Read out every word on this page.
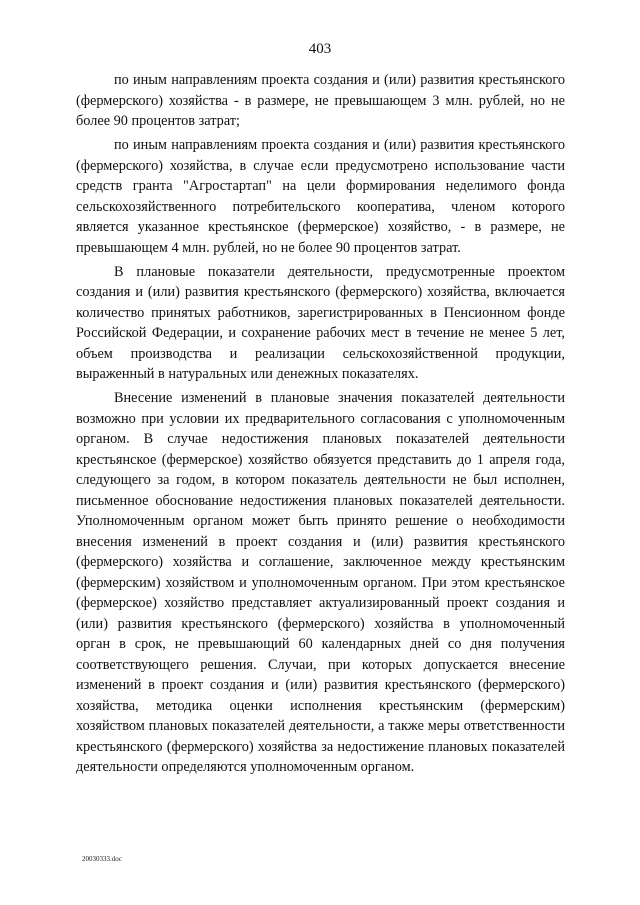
403

по иным направлениям проекта создания и (или) развития крестьянского (фермерского) хозяйства - в размере, не превышающем 3 млн. рублей, но не более 90 процентов затрат;

по иным направлениям проекта создания и (или) развития крестьянского (фермерского) хозяйства, в случае если предусмотрено использование части средств гранта "Агростартап" на цели формирования неделимого фонда сельскохозяйственного потребительского кооператива, членом которого является указанное крестьянское (фермерское) хозяйство, - в размере, не превышающем 4 млн. рублей, но не более 90 процентов затрат.

В плановые показатели деятельности, предусмотренные проектом создания и (или) развития крестьянского (фермерского) хозяйства, включается количество принятых работников, зарегистрированных в Пенсионном фонде Российской Федерации, и сохранение рабочих мест в течение не менее 5 лет, объем производства и реализации сельскохозяйственной продукции, выраженный в натуральных или денежных показателях.

Внесение изменений в плановые значения показателей деятельности возможно при условии их предварительного согласования с уполномоченным органом. В случае недостижения плановых показателей деятельности крестьянское (фермерское) хозяйство обязуется представить до 1 апреля года, следующего за годом, в котором показатель деятельности не был исполнен, письменное обоснование недостижения плановых показателей деятельности. Уполномоченным органом может быть принято решение о необходимости внесения изменений в проект создания и (или) развития крестьянского (фермерского) хозяйства и соглашение, заключенное между крестьянским (фермерским) хозяйством и уполномоченным органом. При этом крестьянское (фермерское) хозяйство представляет актуализированный проект создания и (или) развития крестьянского (фермерского) хозяйства в уполномоченный орган в срок, не превышающий 60 календарных дней со дня получения соответствующего решения. Случаи, при которых допускается внесение изменений в проект создания и (или) развития крестьянского (фермерского) хозяйства, методика оценки исполнения крестьянским (фермерским) хозяйством плановых показателей деятельности, а также меры ответственности крестьянского (фермерского) хозяйства за недостижение плановых показателей деятельности определяются уполномоченным органом.

20030333.doc
